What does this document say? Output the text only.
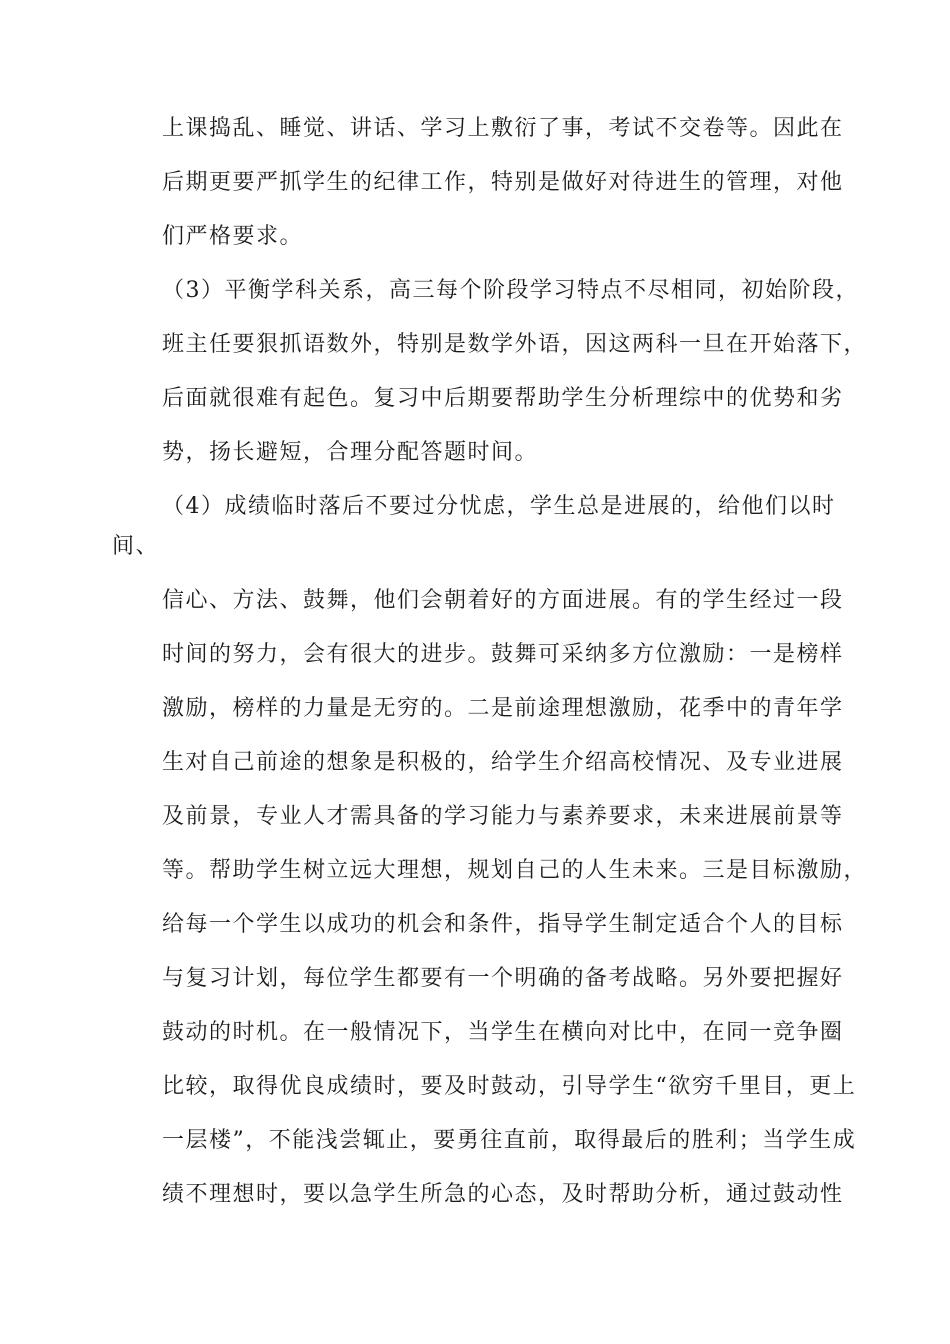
上课捣乱、睡觉、讲话、学习上敷衍了事，考试不交卷等。因此在
后期更要严抓学生的纪律工作，特别是做好对待进生的管理，对他
们严格要求。
（3）平衡学科关系，高三每个阶段学习特点不尽相同，初始阶段，
班主任要狠抓语数外，特别是数学外语，因这两科一旦在开始落下，
后面就很难有起色。复习中后期要帮助学生分析理综中的优势和劣
势，扬长避短，合理分配答题时间。
（4）成绩临时落后不要过分忧虑，学生总是进展的，给他们以时
间、
信心、方法、鼓舞，他们会朝着好的方面进展。有的学生经过一段
时间的努力，会有很大的进步。鼓舞可采纳多方位激励：一是榜样
激励，榜样的力量是无穷的。二是前途理想激励，花季中的青年学
生对自己前途的想象是积极的，给学生介绍高校情况、及专业进展
及前景，专业人才需具备的学习能力与素养要求，未来进展前景等
等。帮助学生树立远大理想，规划自己的人生未来。三是目标激励，
给每一个学生以成功的机会和条件，指导学生制定适合个人的目标
与复习计划，每位学生都要有一个明确的备考战略。另外要把握好
鼓动的时机。在一般情况下，当学生在横向对比中，在同一竞争圈
比较，取得优良成绩时，要及时鼓动，引导学生“欲穷千里目，更上
一层楼”，不能浅尝辄止，要勇往直前，取得最后的胜利；当学生成
绩不理想时，要以急学生所急的心态，及时帮助分析，通过鼓动性
